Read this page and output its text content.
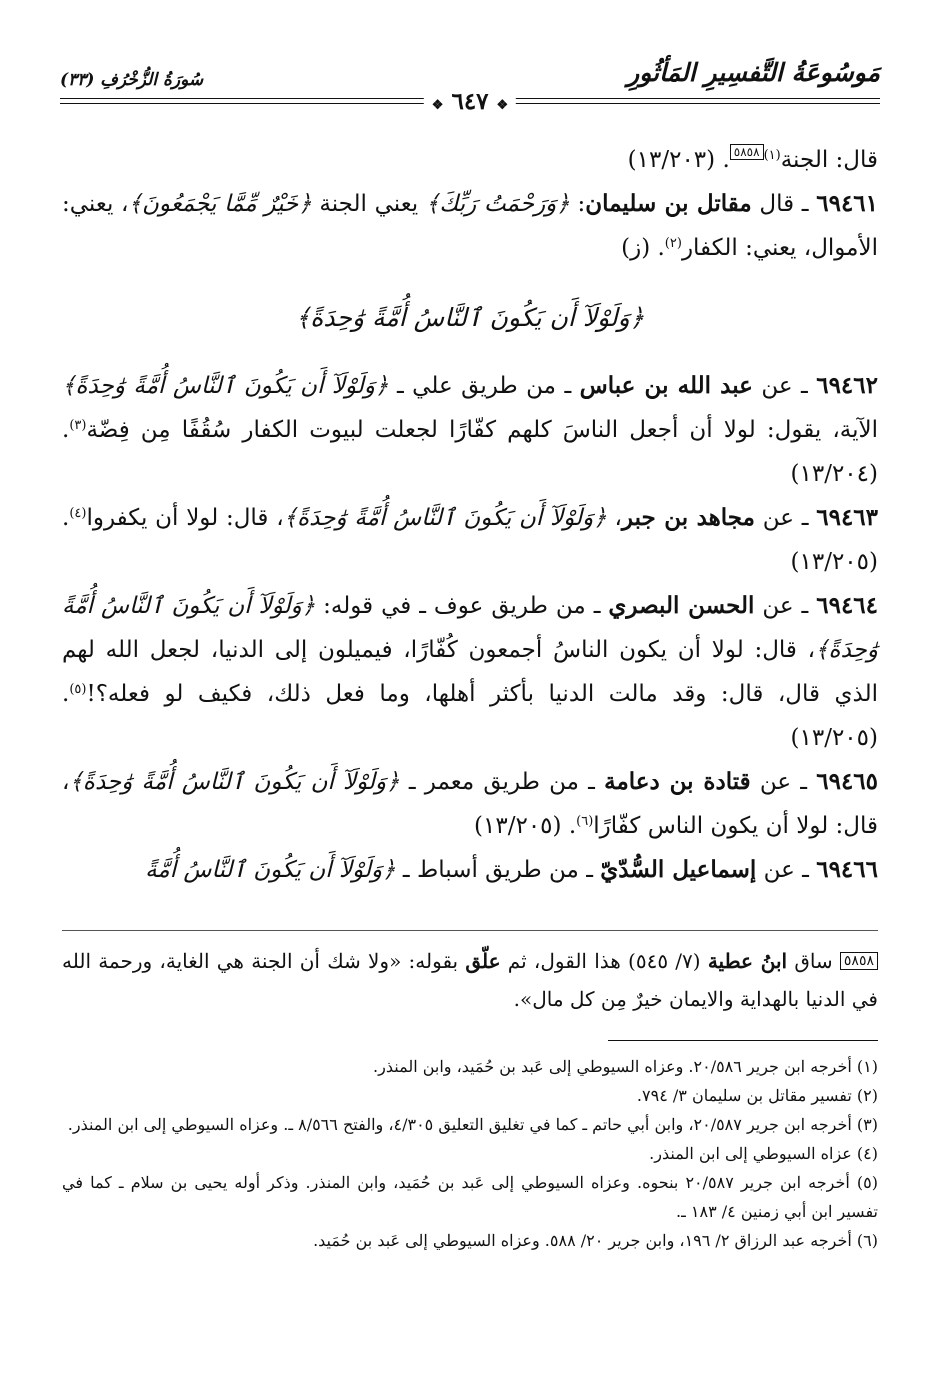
مَوسُوعَةُ التَّفسِيرِ المَأثُورِ
سُورَةُ الزُّخْرُفِ (٣٣)
❖ ٦٤٧ ❖

قال: الجنة$^{(١)}$٥٨٥٨. (١٣/٢٠٣)

٦٩٤٦١ ـ قال مقاتل بن سليمان: ﴿وَرَحْمَتُ رَبِّكَ﴾ يعني الجنة ﴿خَيْرٌ مِّمَّا يَجْمَعُونَ﴾، يعني: الأموال، يعني: الكفار$^{(٢)}$. (ز)

﴿وَلَوْلَآ أَن يَكُونَ ٱلنَّاسُ أُمَّةً وَٰحِدَةً﴾

٦٩٤٦٢ ـ عن عبد الله بن عباس ـ من طريق علي ـ ﴿وَلَوْلَآ أَن يَكُونَ ٱلنَّاسُ أُمَّةً وَٰحِدَةً﴾ الآية، يقول: لولا أن أجعل الناسَ كلهم كفّارًا لجعلت لبيوت الكفار سُقُفًا مِن فِضّة$^{(٣)}$. (١٣/٢٠٤)

٦٩٤٦٣ ـ عن مجاهد بن جبر، ﴿وَلَوْلَآ أَن يَكُونَ ٱلنَّاسُ أُمَّةً وَٰحِدَةً﴾، قال: لولا أن يكفروا$^{(٤)}$. (١٣/٢٠٥)

٦٩٤٦٤ ـ عن الحسن البصري ـ من طريق عوف ـ في قوله: ﴿وَلَوْلَآ أَن يَكُونَ ٱلنَّاسُ أُمَّةً وَٰحِدَةً﴾، قال: لولا أن يكون الناسُ أجمعون كُفّارًا، فيميلون إلى الدنيا، لجعل الله لهم الذي قال، قال: وقد مالت الدنيا بأكثر أهلها، وما فعل ذلك، فكيف لو فعله؟!$^{(٥)}$. (١٣/٢٠٥)

٦٩٤٦٥ ـ عن قتادة بن دعامة ـ من طريق معمر ـ ﴿وَلَوْلَآ أَن يَكُونَ ٱلنَّاسُ أُمَّةً وَٰحِدَةً﴾، قال: لولا أن يكون الناس كفّارًا$^{(٦)}$. (١٣/٢٠٥)

٦٩٤٦٦ ـ عن إسماعيل السُّدّيّ ـ من طريق أسباط ـ ﴿وَلَوْلَآ أَن يَكُونَ ٱلنَّاسُ أُمَّةً

٥٨٥٨ ساق ابنُ عطية (٧/ ٥٤٥) هذا القول، ثم علّق بقوله: «ولا شك أن الجنة هي الغاية، ورحمة الله في الدنيا بالهداية والايمان خيرٌ مِن كل مال».

(١) أخرجه ابن جرير ٢٠/٥٨٦. وعزاه السيوطي إلى عَبد بن حُمَيد، وابن المنذر.

(٢) تفسير مقاتل بن سليمان ٣/ ٧٩٤.

(٣) أخرجه ابن جرير ٢٠/٥٨٧، وابن أبي حاتم ـ كما في تغليق التعليق ٤/٣٠٥، والفتح ٨/٥٦٦ ـ. وعزاه السيوطي إلى ابن المنذر.

(٤) عزاه السيوطي إلى ابن المنذر.

(٥) أخرجه ابن جرير ٢٠/٥٨٧ بنحوه. وعزاه السيوطي إلى عَبد بن حُمَيد، وابن المنذر. وذكر أوله يحيى بن سلام ـ كما في تفسير ابن أبي زمنين ٤/ ١٨٣ ـ.

(٦) أخرجه عبد الرزاق ٢/ ١٩٦، وابن جرير ٢٠/ ٥٨٨. وعزاه السيوطي إلى عَبد بن حُمَيد.
